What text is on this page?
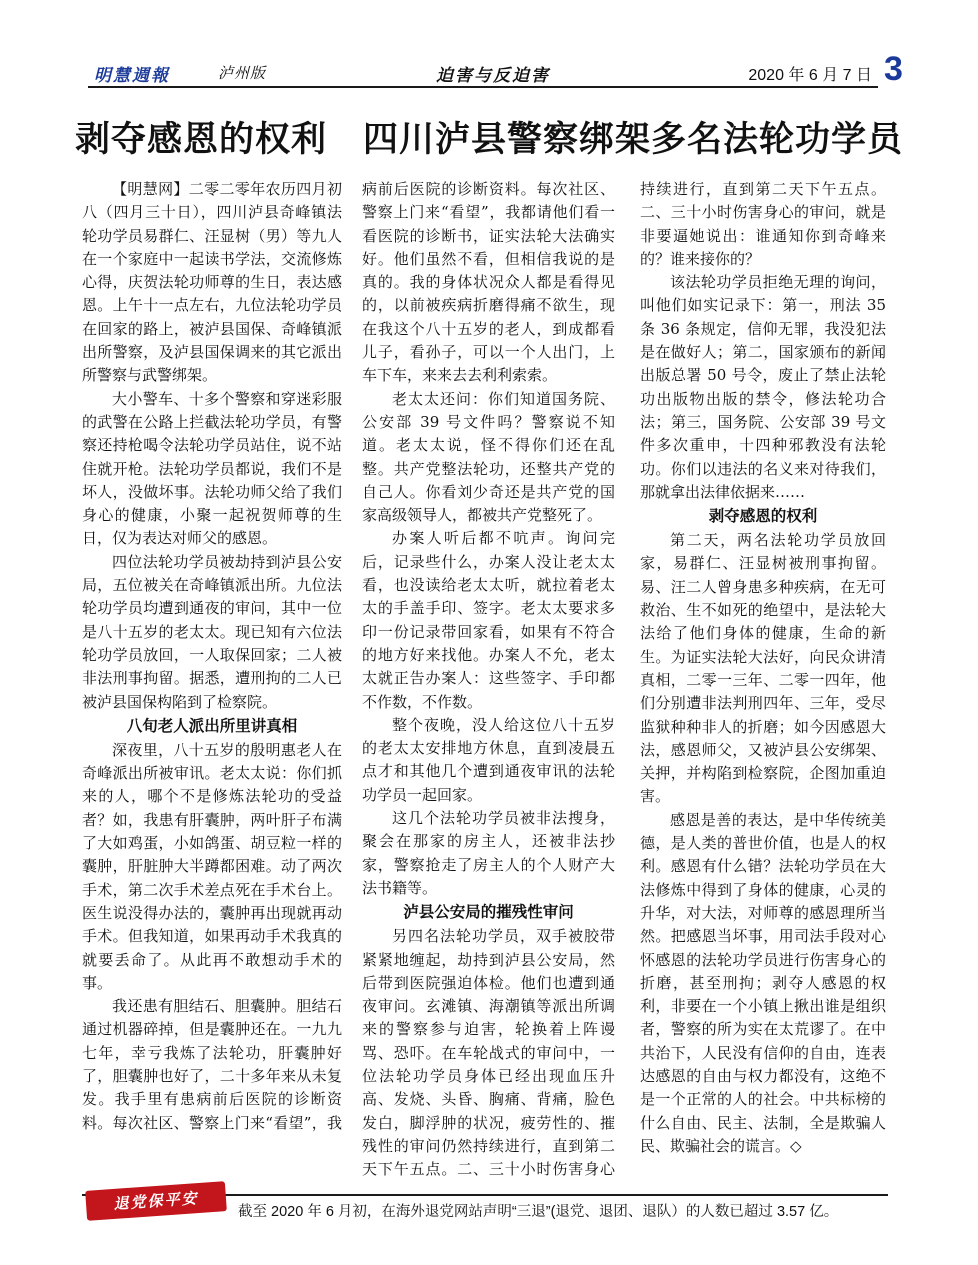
明慧週報	泸州版	迫害与反迫害	2020 年 6 月 7 日 3
剥夺感恩的权利 四川泸县警察绑架多名法轮功学员

【明慧网】二零二零年农历四月初八（四月三十日），四川泸县奇峰镇法轮功学员易群仁、汪显树（男）等九人在一个家庭中一起读书学法，交流修炼心得，庆贺法轮功师尊的生日，表达感恩。上午十一点左右，九位法轮功学员在回家的路上，被泸县国保、奇峰镇派出所警察，及泸县国保调来的其它派出所警察与武警绑架。

大小警车、十多个警察和穿迷彩服的武警在公路上拦截法轮功学员，有警察还持枪喝令法轮功学员站住，说不站住就开枪。法轮功学员都说，我们不是坏人，没做坏事。法轮功师父给了我们身心的健康，小聚一起祝贺师尊的生日，仅为表达对师父的感恩。

四位法轮功学员被劫持到泸县公安局，五位被关在奇峰镇派出所。九位法轮功学员均遭到通夜的审问，其中一位是八十五岁的老太太。现已知有六位法轮功学员放回，一人取保回家；二人被非法刑事拘留。据悉，遭刑拘的二人已被泸县国保构陷到了检察院。

八旬老人派出所里讲真相

深夜里，八十五岁的殷明惠老人在奇峰派出所被审讯。老太太说：你们抓来的人，哪个不是修炼法轮功的受益者？如，我患有肝囊肿，两叶肝子布满了大如鸡蛋，小如鸽蛋、胡豆粒一样的囊肿，肝脏肿大半蹲都困难。动了两次手术，第二次手术差点死在手术台上。医生说没得办法的，囊肿再出现就再动手术。但我知道，如果再动手术我真的就要丢命了。从此再不敢想动手术的事。

我还患有胆结石、胆囊肿。胆结石通过机器碎掉，但是囊肿还在。一九九七年，幸亏我炼了法轮功，肝囊肿好了，胆囊肿也好了，二十多年来从未复发。我手里有患病前后医院的诊断资料。每次社区、警察上门来“看望”，我

病前后医院的诊断资料。每次社区、警察上门来“看望”，我都请他们看一看医院的诊断书，证实法轮大法确实好。他们虽然不看，但相信我说的是真的。我的身体状况众人都是看得见的，以前被疾病折磨得痛不欲生，现在我这个八十五岁的老人，到成都看儿子，看孙子，可以一个人出门，上车下车，来来去去利利索索。

老太太还问：你们知道国务院、公安部 39 号文件吗？警察说不知道。老太太说，怪不得你们还在乱整。共产党整法轮功，还整共产党的自己人。你看刘少奇还是共产党的国家高级领导人，都被共产党整死了。

办案人听后都不吭声。询问完后，记录些什么，办案人没让老太太看，也没读给老太太听，就拉着老太太的手盖手印、签字。老太太要求多印一份记录带回家看，如果有不符合的地方好来找他。办案人不允，老太太就正告办案人：这些签字、手印都不作数，不作数。

整个夜晚，没人给这位八十五岁的老太太安排地方休息，直到凌晨五点才和其他几个遭到通夜审讯的法轮功学员一起回家。

这几个法轮功学员被非法搜身，聚会在那家的房主人，还被非法抄家，警察抢走了房主人的个人财产大法书籍等。

泸县公安局的摧残性审问

另四名法轮功学员，双手被胶带紧紧地缠起，劫持到泸县公安局，然后带到医院强迫体检。他们也遭到通夜审问。玄滩镇、海潮镇等派出所调来的警察参与迫害，轮换着上阵谩骂、恐吓。在车轮战式的审问中，一位法轮功学员身体已经出现血压升高、发烧、头昏、胸痛、背痛，脸色发白，脚浮肿的状况，疲劳性的、摧残性的审问仍然持续进行，直到第二天下午五点。二、三十小时伤害身心

持续进行，直到第二天下午五点。二、三十小时伤害身心的审问，就是非要逼她说出：谁通知你到奇峰来的？谁来接你的？

该法轮功学员拒绝无理的询问，叫他们如实记录下：第一，刑法 35 条 36 条规定，信仰无罪，我没犯法是在做好人；第二，国家颁布的新闻出版总署 50 号令，废止了禁止法轮功出版物出版的禁令，修法轮功合法；第三，国务院、公安部 39 号文件多次重申，十四种邪教没有法轮功。你们以违法的名义来对待我们，那就拿出法律依据来……

剥夺感恩的权利

第二天，两名法轮功学员放回家，易群仁、汪显树被刑事拘留。易、汪二人曾身患多种疾病，在无可救治、生不如死的绝望中，是法轮大法给了他们身体的健康，生命的新生。为证实法轮大法好，向民众讲清真相，二零一三年、二零一四年，他们分别遭非法判刑四年、三年，受尽监狱种种非人的折磨；如今因感恩大法，感恩师父，又被泸县公安绑架、关押，并构陷到检察院，企图加重迫害。

感恩是善的表达，是中华传统美德，是人类的普世价值，也是人的权利。感恩有什么错？法轮功学员在大法修炼中得到了身体的健康，心灵的升华，对大法，对师尊的感恩理所当然。把感恩当坏事，用司法手段对心怀感恩的法轮功学员进行伤害身心的折磨，甚至刑拘；剥夺人感恩的权利，非要在一个小镇上揪出谁是组织者，警察的所为实在太荒谬了。在中共治下，人民没有信仰的自由，连表达感恩的自由与权力都没有，这绝不是一个正常的人的社会。中共标榜的什么自由、民主、法制，全是欺骗人民、欺骗社会的谎言。◇

退党保平安	截至 2020 年 6 月初，在海外退党网站声明“三退”(退党、退团、退队）的人数已超过 3.57 亿。
